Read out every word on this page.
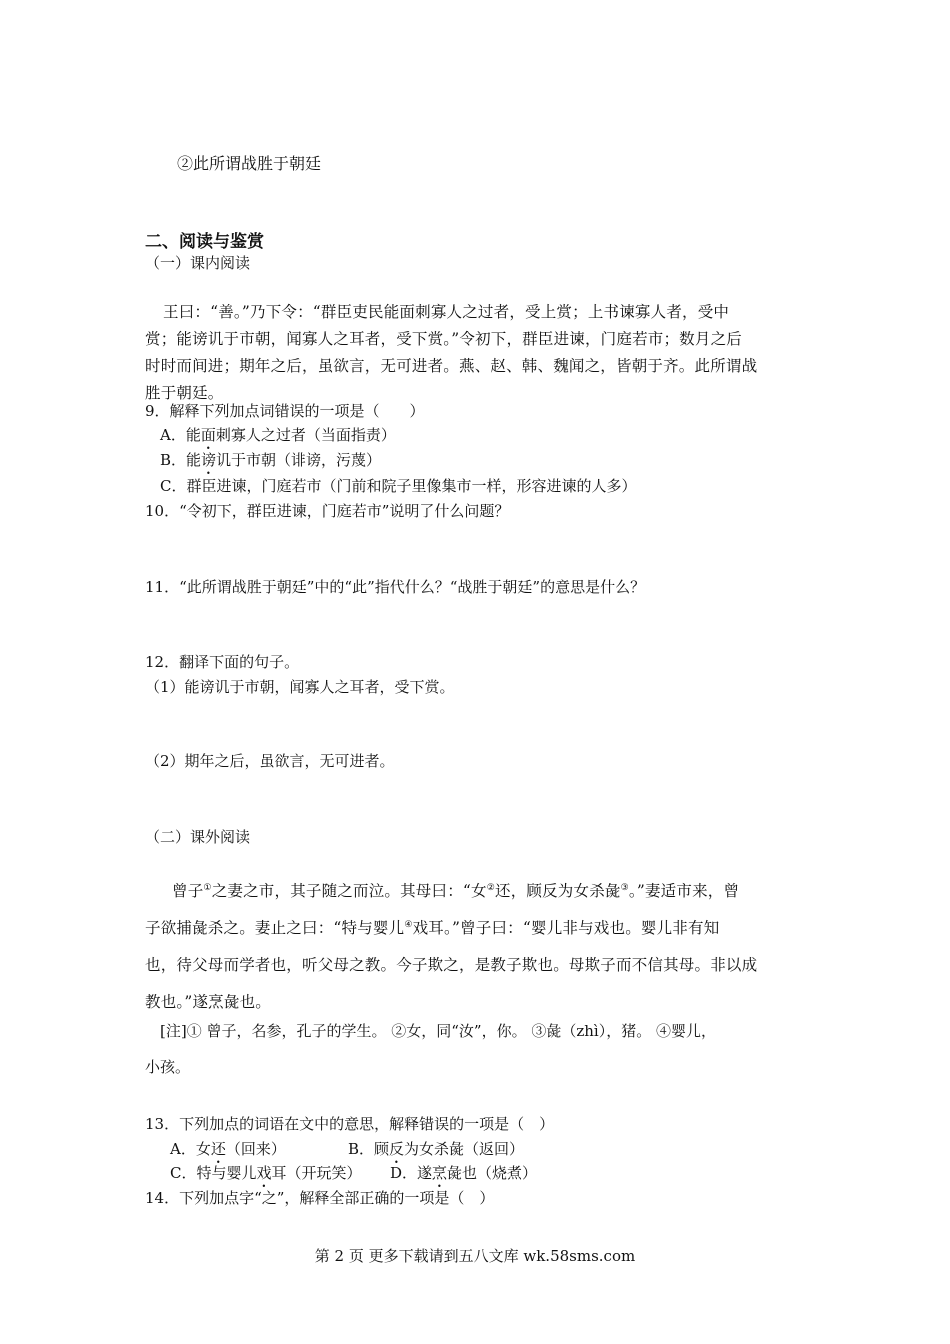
②此所谓战胜于朝廷
二、阅读与鉴赏
（一）课内阅读
王曰：“善。”乃下令：“群臣吏民能面刺寡人之过者，受上赏；上书谏寡人者，受中
赏；能谤讥于市朝，闻寡人之耳者，受下赏。”令初下，群臣进谏，门庭若市；数月之后
时时而间进；期年之后，虽欲言，无可进者。燕、赵、韩、魏闻之，皆朝于齐。此所谓战
胜于朝廷。
9．解释下列加点词错误的一项是（　　）
A．能面刺寡人之过者（当面指责）
B．能谤讥于市朝（诽谤，污蔑）
C．群臣进谏，门庭若市（门前和院子里像集市一样，形容进谏的人多）
10．“令初下，群臣进谏，门庭若市”说明了什么问题？
11．“此所谓战胜于朝廷”中的“此”指代什么？“战胜于朝廷”的意思是什么？
12．翻译下面的句子。
（1）能谤讥于市朝，闻寡人之耳者，受下赏。
（2）期年之后，虽欲言，无可进者。
（二）课外阅读
曾子①之妻之市，其子随之而泣。其母曰：“女②还，顾反为女杀彘③。”妻适市来，曾
子欲捕彘杀之。妻止之曰：“特与婴儿④戏耳。”曾子曰：“婴儿非与戏也。婴儿非有知
也，待父母而学者也，听父母之教。今子欺之，是教子欺也。母欺子而不信其母。非以成
教也。”遂烹彘也。
[注]① 曾子，名参，孔子的学生。 ②女，同“汝”，你。 ③彘（zhì），猪。 ④婴儿，
小孩。
13．下列加点的词语在文中的意思，解释错误的一项是（　）
A．女还（回来）	B．顾反为女杀彘（返回）
C．特与婴儿戏耳（开玩笑） D．遂烹彘也（烧煮）
14．下列加点字“之”，解释全部正确的一项是（　）
第 2 页 更多下载请到五八文库 wk.58sms.com
